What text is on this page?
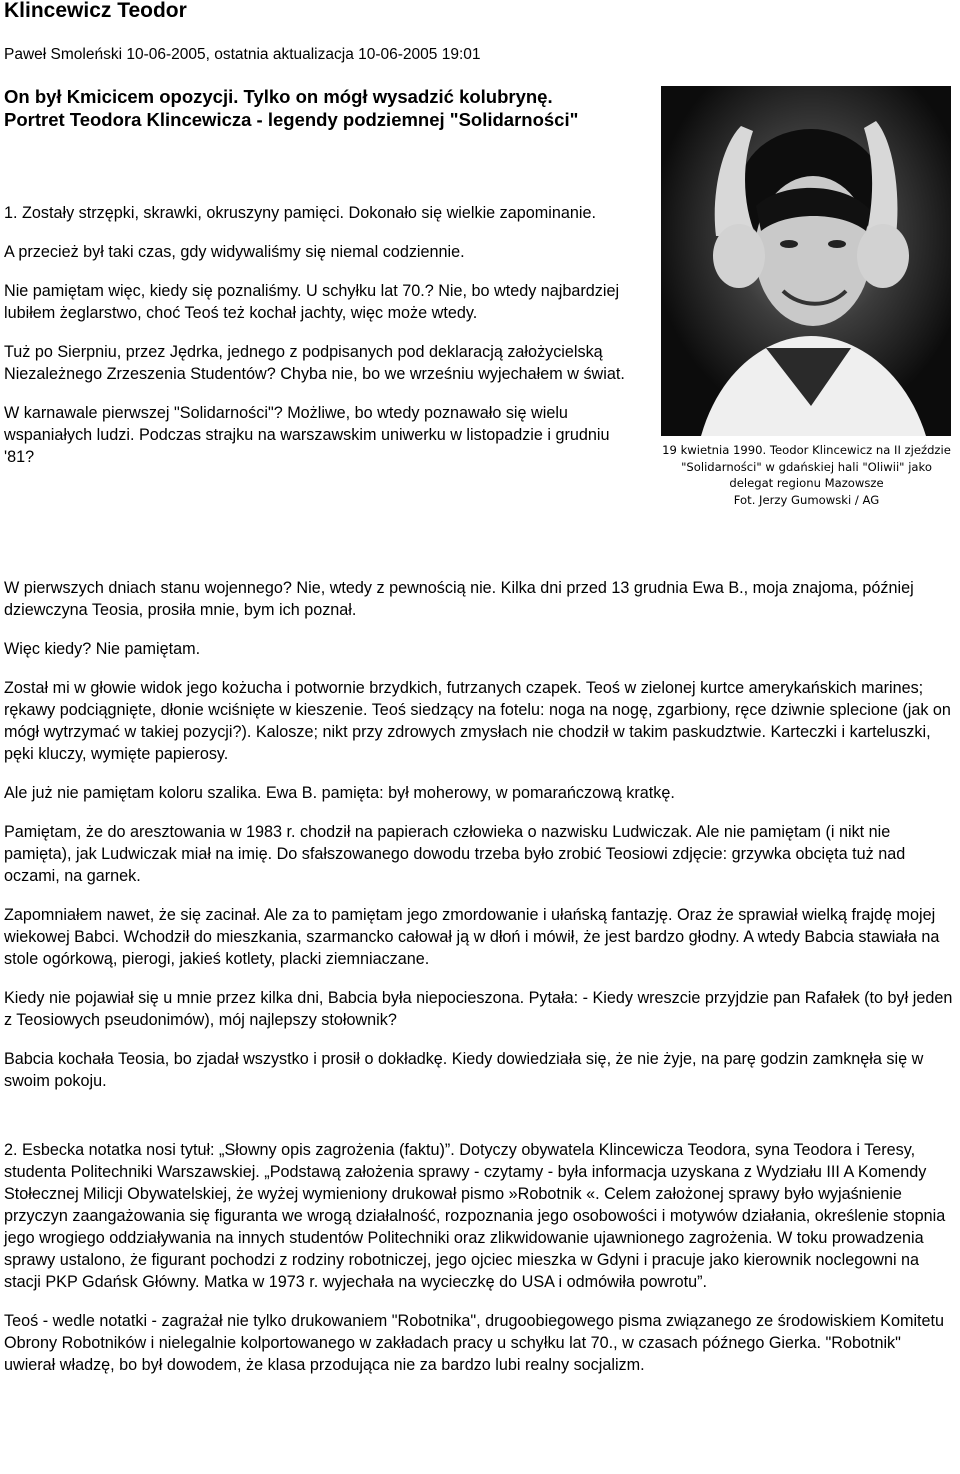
Klincewicz Teodor
Paweł Smoleński 10-06-2005, ostatnia aktualizacja 10-06-2005 19:01
On był Kmicicem opozycji. Tylko on mógł wysadzić kolubrynę. Portret Teodora Klincewicza - legendy podziemnej "Solidarności"
19 kwietnia 1990. Teodor Klincewicz na II zjeździe "Solidarności" w gdańskiej hali "Oliwii" jako delegat regionu Mazowsze
Fot. Jerzy Gumowski / AG

1. Zostały strzępki, skrawki, okruszyny pamięci. Dokonało się wielkie zapominanie.

A przecież był taki czas, gdy widywaliśmy się niemal codziennie.

Nie pamiętam więc, kiedy się poznaliśmy. U schyłku lat 70.? Nie, bo wtedy najbardziej lubiłem żeglarstwo, choć Teoś też kochał jachty, więc może wtedy.

Tuż po Sierpniu, przez Jędrka, jednego z podpisanych pod deklaracją założycielską Niezależnego Zrzeszenia Studentów? Chyba nie, bo we wrześniu wyjechałem w świat.

W karnawale pierwszej "Solidarności"? Możliwe, bo wtedy poznawało się wielu wspaniałych ludzi. Podczas strajku na warszawskim uniwerku w listopadzie i grudniu '81?

W pierwszych dniach stanu wojennego? Nie, wtedy z pewnością nie. Kilka dni przed 13 grudnia Ewa B., moja znajoma, później dziewczyna Teosia, prosiła mnie, bym ich poznał.

Więc kiedy? Nie pamiętam.

Został mi w głowie widok jego kożucha i potwornie brzydkich, futrzanych czapek. Teoś w zielonej kurtce amerykańskich marines; rękawy podciągnięte, dłonie wciśnięte w kieszenie. Teoś siedzący na fotelu: noga na nogę, zgarbiony, ręce dziwnie splecione (jak on mógł wytrzymać w takiej pozycji?). Kalosze; nikt przy zdrowych zmysłach nie chodził w takim paskudztwie. Karteczki i karteluszki, pęki kluczy, wymięte papierosy.

Ale już nie pamiętam koloru szalika. Ewa B. pamięta: był moherowy, w pomarańczową kratkę.

Pamiętam, że do aresztowania w 1983 r. chodził na papierach człowieka o nazwisku Ludwiczak. Ale nie pamiętam (i nikt nie pamięta), jak Ludwiczak miał na imię. Do sfałszowanego dowodu trzeba było zrobić Teosiowi zdjęcie: grzywka obcięta tuż nad oczami, na garnek.

Zapomniałem nawet, że się zacinał. Ale za to pamiętam jego zmordowanie i ułańską fantazję. Oraz że sprawiał wielką frajdę mojej wiekowej Babci. Wchodził do mieszkania, szarmancko całował ją w dłoń i mówił, że jest bardzo głodny. A wtedy Babcia stawiała na stole ogórkową, pierogi, jakieś kotlety, placki ziemniaczane.

Kiedy nie pojawiał się u mnie przez kilka dni, Babcia była niepocieszona. Pytała: - Kiedy wreszcie przyjdzie pan Rafałek (to był jeden z Teosiowych pseudonimów), mój najlepszy stołownik?

Babcia kochała Teosia, bo zjadał wszystko i prosił o dokładkę. Kiedy dowiedziała się, że nie żyje, na parę godzin zamknęła się w swoim pokoju.

2. Esbecka notatka nosi tytuł: „Słowny opis zagrożenia (faktu)”. Dotyczy obywatela Klincewicza Teodora, syna Teodora i Teresy, studenta Politechniki Warszawskiej. „Podstawą założenia sprawy - czytamy - była informacja uzyskana z Wydziału III A Komendy Stołecznej Milicji Obywatelskiej, że wyżej wymieniony drukował pismo »Robotnik «. Celem założonej sprawy było wyjaśnienie przyczyn zaangażowania się figuranta we wrogą działalność, rozpoznania jego osobowości i motywów działania, określenie stopnia jego wrogiego oddziaływania na innych studentów Politechniki oraz zlikwidowanie ujawnionego zagrożenia. W toku prowadzenia sprawy ustalono, że figurant pochodzi z rodziny robotniczej, jego ojciec mieszka w Gdyni i pracuje jako kierownik noclegowni na stacji PKP Gdańsk Główny. Matka w 1973 r. wyjechała na wycieczkę do USA i odmówiła powrotu”.

Teoś - wedle notatki - zagrażał nie tylko drukowaniem "Robotnika", drugoobiegowego pisma związanego ze środowiskiem Komitetu Obrony Robotników i nielegalnie kolportowanego w zakładach pracy u schyłku lat 70., w czasach późnego Gierka. "Robotnik" uwierał władzę, bo był dowodem, że klasa przodująca nie za bardzo lubi realny socjalizm.
